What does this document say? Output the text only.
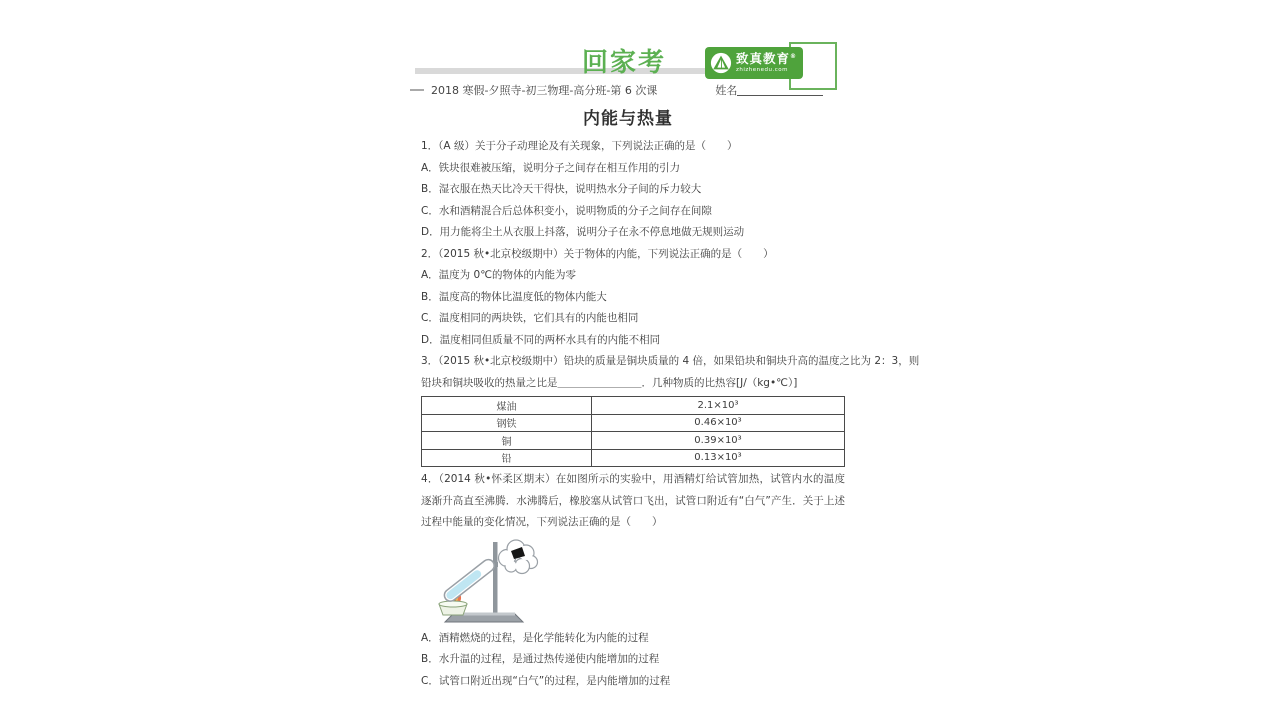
回家考	致真教育®
zhizhenedu.com
2018 寒假-夕照寺-初三物理-高分班-第 6 次课	姓名
内能与热量

1．（A 级）关于分子动理论及有关现象，下列说法正确的是（　　）

A．铁块很难被压缩，说明分子之间存在相互作用的引力

B．湿衣服在热天比冷天干得快，说明热水分子间的斥力较大

C．水和酒精混合后总体积变小，说明物质的分子之间存在间隙

D．用力能将尘土从衣服上抖落，说明分子在永不停息地做无规则运动

2．（2015 秋•北京校级期中）关于物体的内能，下列说法正确的是（　　）

A．温度为 0℃的物体的内能为零

B．温度高的物体比温度低的物体内能大

C．温度相同的两块铁，它们具有的内能也相同

D．温度相同但质量不同的两杯水具有的内能不相同

3．（2015 秋•北京校级期中）铅块的质量是铜块质量的 4 倍，如果铅块和铜块升高的温度之比为 2：3，则

铅块和铜块吸收的热量之比是＿＿＿＿＿＿＿＿．几种物质的比热容[J/（kg•℃）]

煤油	2.1×10³
钢铁	0.46×10³
铜	0.39×10³
铅	0.13×10³

4．（2014 秋•怀柔区期末）在如图所示的实验中，用酒精灯给试管加热，试管内水的温度逐渐升高直至沸腾．水沸腾后，橡胶塞从试管口飞出，试管口附近有“白气”产生．关于上述过程中能量的变化情况，下列说法正确的是（　　）

A．酒精燃烧的过程，是化学能转化为内能的过程

B．水升温的过程，是通过热传递使内能增加的过程

C．试管口附近出现“白气”的过程，是内能增加的过程
